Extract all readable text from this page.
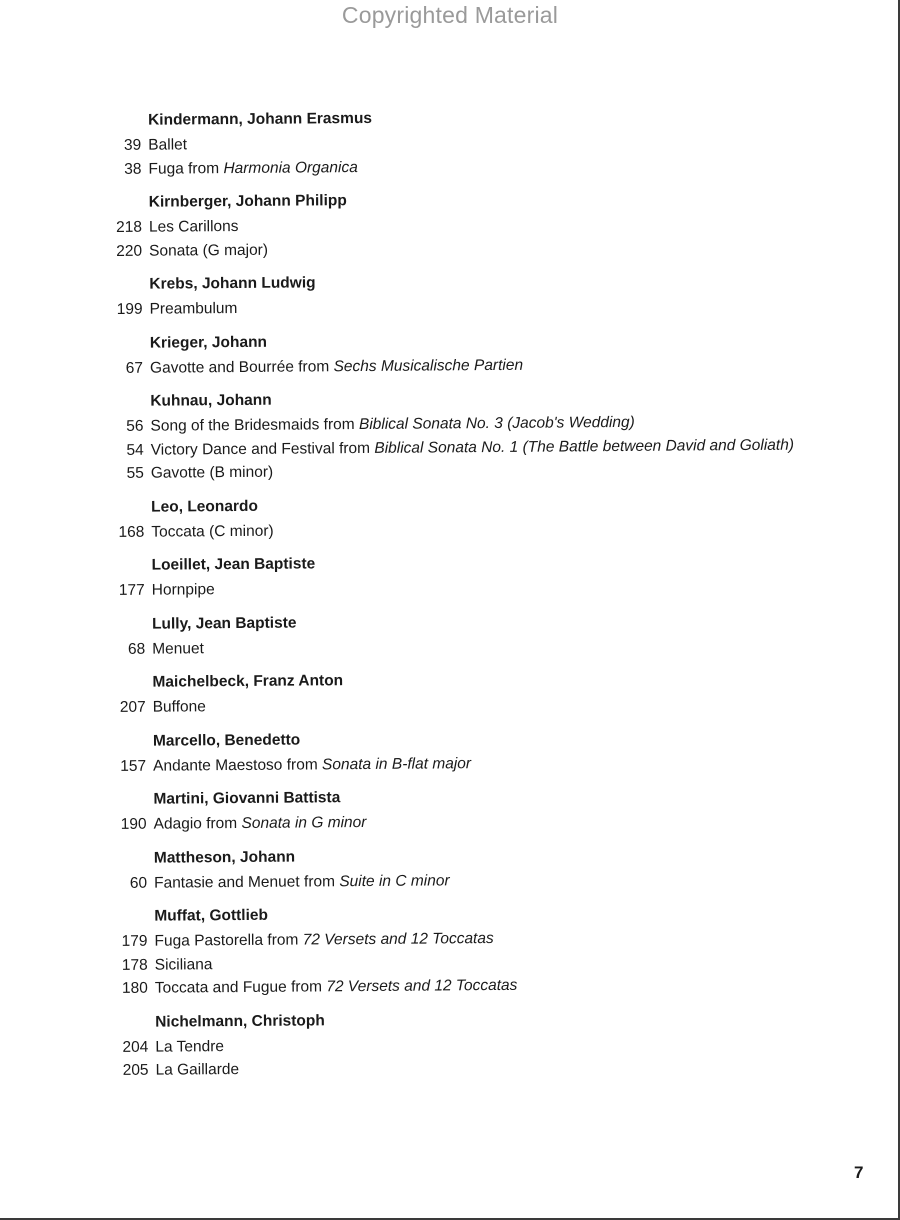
Copyrighted Material
Kindermann, Johann Erasmus
39 Ballet
38 Fuga from Harmonia Organica
Kirnberger, Johann Philipp
218 Les Carillons
220 Sonata (G major)
Krebs, Johann Ludwig
199 Preambulum
Krieger, Johann
67 Gavotte and Bourrée from Sechs Musicalische Partien
Kuhnau, Johann
56 Song of the Bridesmaids from Biblical Sonata No. 3 (Jacob's Wedding)
54 Victory Dance and Festival from Biblical Sonata No. 1 (The Battle between David and Goliath)
55 Gavotte (B minor)
Leo, Leonardo
168 Toccata (C minor)
Loeillet, Jean Baptiste
177 Hornpipe
Lully, Jean Baptiste
68 Menuet
Maichelbeck, Franz Anton
207 Buffone
Marcello, Benedetto
157 Andante Maestoso from Sonata in B-flat major
Martini, Giovanni Battista
190 Adagio from Sonata in G minor
Mattheson, Johann
60 Fantasie and Menuet from Suite in C minor
Muffat, Gottlieb
179 Fuga Pastorella from 72 Versets and 12 Toccatas
178 Siciliana
180 Toccata and Fugue from 72 Versets and 12 Toccatas
Nichelmann, Christoph
204 La Tendre
205 La Gaillarde
7
